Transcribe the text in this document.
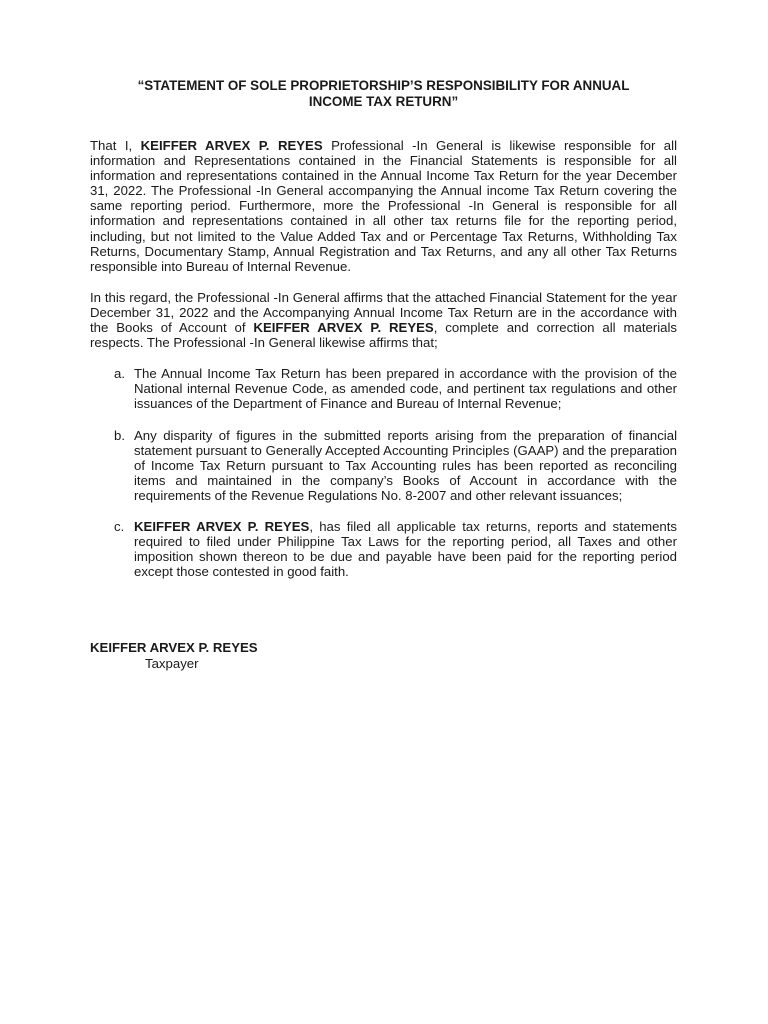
“STATEMENT OF SOLE PROPRIETORSHIP’S RESPONSIBILITY FOR ANNUAL
INCOME TAX RETURN”

That I, KEIFFER ARVEX P. REYES Professional -In General is likewise responsible for all information and Representations contained in the Financial Statements is responsible for all information and representations contained in the Annual Income Tax Return for the year December 31, 2022. The Professional -In General accompanying the Annual income Tax Return covering the same reporting period. Furthermore, more the Professional -In General is responsible for all information and representations contained in all other tax returns file for the reporting period, including, but not limited to the Value Added Tax and or Percentage Tax Returns, Withholding Tax Returns, Documentary Stamp, Annual Registration and Tax Returns, and any all other Tax Returns responsible into Bureau of Internal Revenue.

In this regard, the Professional -In General affirms that the attached Financial Statement for the year December 31, 2022 and the Accompanying Annual Income Tax Return are in the accordance with the Books of Account of KEIFFER ARVEX P. REYES, complete and correction all materials respects. The Professional -In General likewise affirms that;

a. The Annual Income Tax Return has been prepared in accordance with the provision of the National internal Revenue Code, as amended code, and pertinent tax regulations and other issuances of the Department of Finance and Bureau of Internal Revenue;
b. Any disparity of figures in the submitted reports arising from the preparation of financial statement pursuant to Generally Accepted Accounting Principles (GAAP) and the preparation of Income Tax Return pursuant to Tax Accounting rules has been reported as reconciling items and maintained in the company’s Books of Account in accordance with the requirements of the Revenue Regulations No. 8-2007 and other relevant issuances;
c. KEIFFER ARVEX P. REYES, has filed all applicable tax returns, reports and statements required to filed under Philippine Tax Laws for the reporting period, all Taxes and other imposition shown thereon to be due and payable have been paid for the reporting period except those contested in good faith.
KEIFFER ARVEX P. REYES
Taxpayer
